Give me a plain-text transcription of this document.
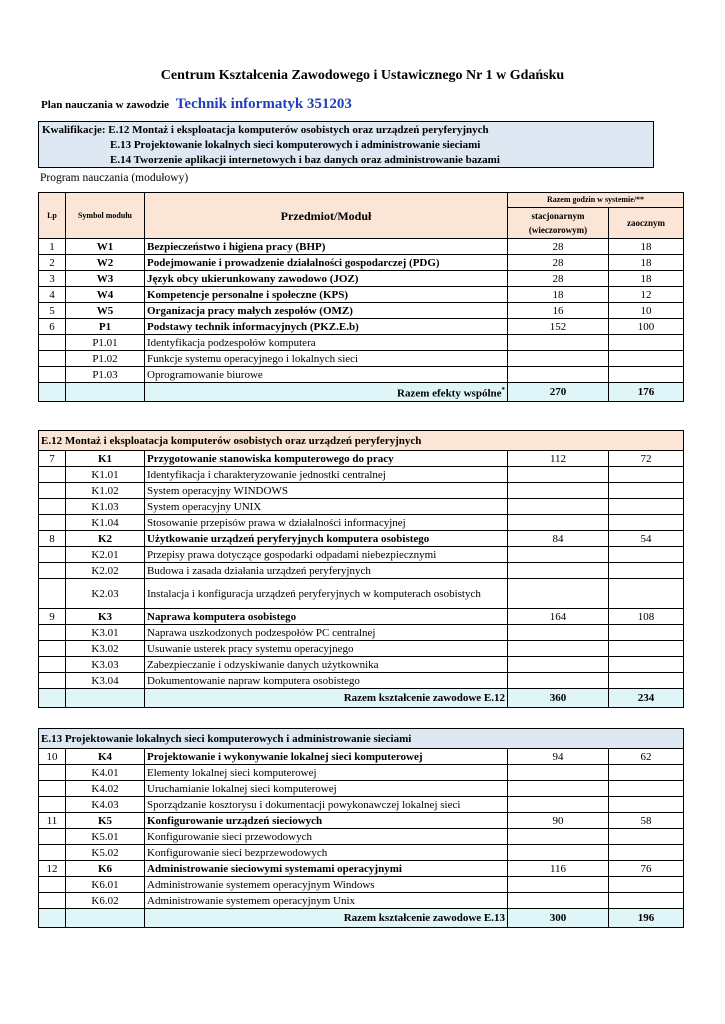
Centrum Kształcenia Zawodowego i Ustawicznego Nr 1 w Gdańsku
Plan nauczania w zawodzie Technik informatyk 351203
Kwalifikacje: E.12 Montaż i eksploatacja komputerów osobistych oraz urządzeń peryferyjnych
E.13 Projektowanie lokalnych sieci komputerowych i administrowanie sieciami
E.14 Tworzenie aplikacji internetowych i baz danych oraz administrowanie bazami
Program nauczania (modułowy)
Lp	Symbol modułu	Przedmiot/Moduł	Razem godzin w systemie/**	
			stacjonarnym (wieczorowym)	zaocznym
1	W1	Bezpieczeństwo i higiena pracy (BHP)	28	18
2	W2	Podejmowanie i prowadzenie działalności gospodarczej (PDG)	28	18
3	W3	Język obcy ukierunkowany zawodowo (JOZ)	28	18
4	W4	Kompetencje personalne i społeczne (KPS)	18	12
5	W5	Organizacja pracy małych zespołów (OMZ)	16	10
6	P1	Podstawy technik informacyjnych (PKZ.E.b)	152	100
	P1.01	Identyfikacja podzespołów komputera		
	P1.02	Funkcje systemu operacyjnego i lokalnych sieci		
	P1.03	Oprogramowanie biurowe		
		Razem efekty wspólne*	270	176
E.12 Montaż i eksploatacja komputerów osobistych oraz urządzeń peryferyjnych				
7	K1	Przygotowanie stanowiska komputerowego do pracy	112	72
	K1.01	Identyfikacja i charakteryzowanie jednostki centralnej		
	K1.02	System operacyjny WINDOWS		
	K1.03	System operacyjny UNIX		
	K1.04	Stosowanie przepisów prawa w działalności informacyjnej		
8	K2	Użytkowanie urządzeń peryferyjnych komputera osobistego	84	54
	K2.01	Przepisy prawa dotyczące gospodarki odpadami niebezpiecznymi		
	K2.02	Budowa i zasada działania urządzeń peryferyjnych		
	K2.03	Instalacja i konfiguracja urządzeń peryferyjnych w komputerach osobistych		
9	K3	Naprawa komputera osobistego	164	108
	K3.01	Naprawa uszkodzonych podzespołów PC centralnej		
	K3.02	Usuwanie usterek pracy systemu operacyjnego		
	K3.03	Zabezpieczanie i odzyskiwanie danych użytkownika		
	K3.04	Dokumentowanie napraw komputera osobistego		
		Razem kształcenie zawodowe E.12	360	234
E.13 Projektowanie lokalnych sieci komputerowych i administrowanie sieciami				
10	K4	Projektowanie i wykonywanie lokalnej sieci komputerowej	94	62
	K4.01	Elementy lokalnej sieci komputerowej		
	K4.02	Uruchamianie lokalnej sieci komputerowej		
	K4.03	Sporządzanie kosztorysu i dokumentacji powykonawczej lokalnej sieci		
11	K5	Konfigurowanie urządzeń sieciowych	90	58
	K5.01	Konfigurowanie sieci przewodowych		
	K5.02	Konfigurowanie sieci bezprzewodowych		
12	K6	Administrowanie sieciowymi systemami operacyjnymi	116	76
	K6.01	Administrowanie systemem operacyjnym Windows		
	K6.02	Administrowanie systemem operacyjnym Unix		
		Razem kształcenie zawodowe E.13	300	196
